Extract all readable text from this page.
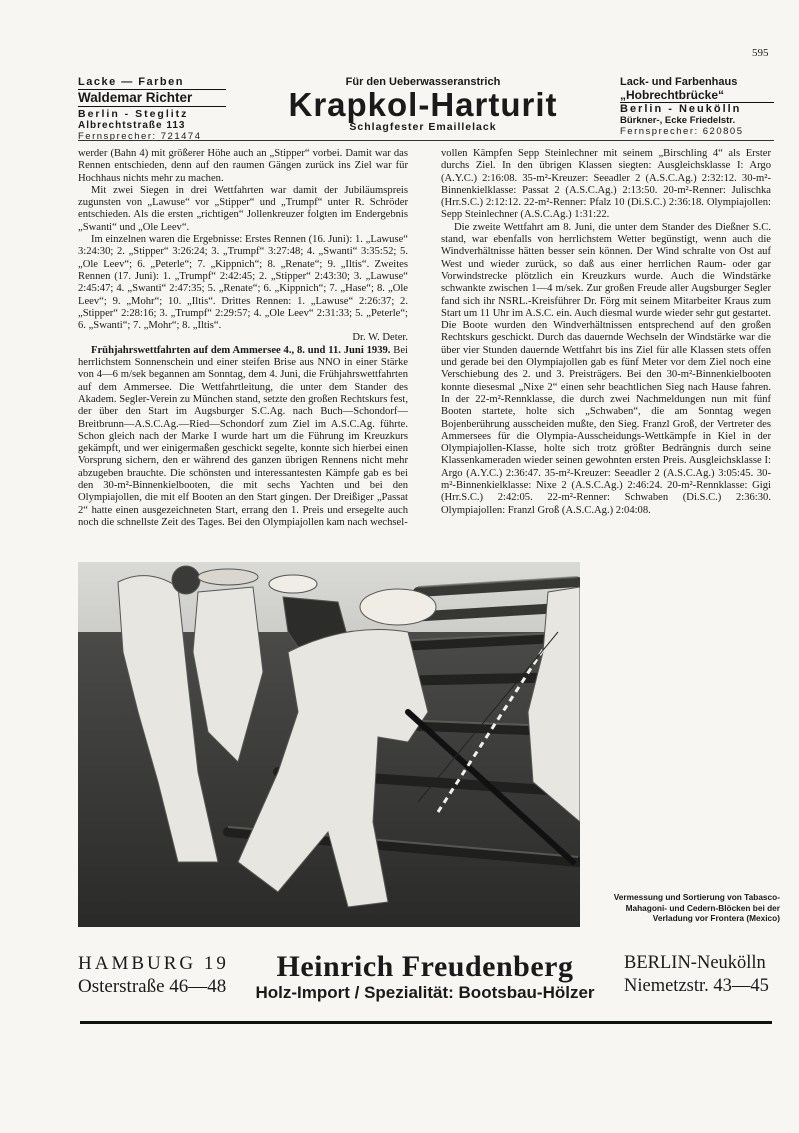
595
Lacke — Farben
Waldemar Richter
Berlin - Steglitz
Albrechtstraße 113
Fernsprecher: 721474
Für den Ueberwasseranstrich
Krapkol-Harturit
Schlagfester Emaillelack
Lack- und Farbenhaus
„Hobrechtbrücke“
Berlin - Neukölln
Bürkner-, Ecke Friedelstr.
Fernsprecher: 620805

werder (Bahn 4) mit größerer Höhe auch an „Stipper“ vorbei. Damit war das Rennen entschieden, denn auf den raumen Gängen zurück ins Ziel war für Hochhaus nichts mehr zu machen.

Mit zwei Siegen in drei Wettfahrten war damit der Jubiläumspreis zugunsten von „Lawuse“ vor „Stipper“ und „Trumpf“ unter R. Schröder entschieden. Als die ersten „richtigen“ Jollenkreuzer folgten im Endergebnis „Swanti“ und „Ole Leev“.

Im einzelnen waren die Ergebnisse: Erstes Rennen (16. Juni): 1. „Lawuse“ 3:24:30; 2. „Stipper“ 3:26:24; 3. „Trumpf“ 3:27:48; 4. „Swanti“ 3:35:52; 5. „Ole Leev“; 6. „Peterle“; 7. „Kippnich“; 8. „Renate“; 9. „Iltis“. Zweites Rennen (17. Juni): 1. „Trumpf“ 2:42:45; 2. „Stipper“ 2:43:30; 3. „Lawuse“ 2:45:47; 4. „Swanti“ 2:47:35; 5. „Renate“; 6. „Kippnich“; 7. „Hase“; 8. „Ole Leev“; 9. „Mohr“; 10. „Iltis“. Drittes Rennen: 1. „Lawuse“ 2:26:37; 2. „Stipper“ 2:28:16; 3. „Trumpf“ 2:29:57; 4. „Ole Leev“ 2:31:33; 5. „Peterle“; 6. „Swanti“; 7. „Mohr“; 8. „Iltis“.

Dr. W. Deter.

Frühjahrswettfahrten auf dem Ammersee 4., 8. und 11. Juni 1939. Bei herrlichstem Sonnenschein und einer steifen Brise aus NNO in einer Stärke von 4—6 m/sek begannen am Sonntag, dem 4. Juni, die Frühjahrswettfahrten auf dem Ammersee. Die Wettfahrtleitung, die unter dem Stander des Akadem. Segler-Verein zu München stand, setzte den großen Rechtskurs fest, der über den Start im Augsburger S.C.Ag. nach Buch—Schondorf—Breitbrunn—A.S.C.Ag.—Ried—Schondorf zum Ziel im A.S.C.Ag. führte. Schon gleich nach der Marke I wurde hart um die Führung im Kreuzkurs gekämpft, und wer einigermaßen geschickt segelte, konnte sich hierbei einen Vorsprung sichern, den er während des ganzen übrigen Rennens nicht mehr abzugeben brauchte. Die schönsten und interessantesten Kämpfe gab es bei den 30-m²-Binnenkielbooten, die mit sechs Yachten und bei den Olympiajollen, die mit elf Booten an den Start gingen. Der Dreißiger „Passat 2“ hatte einen ausgezeichneten Start, errang den 1. Preis und ersegelte auch noch die schnellste Zeit des Tages. Bei den Olympiajollen kam nach wechsel-

vollen Kämpfen Sepp Steinlechner mit seinem „Birschling 4“ als Erster durchs Ziel. In den übrigen Klassen siegten: Ausgleichsklasse I: Argo (A.Y.C.) 2:16:08. 35-m²-Kreuzer: Seeadler 2 (A.S.C.Ag.) 2:32:12. 30-m²-Binnenkielklasse: Passat 2 (A.S.C.Ag.) 2:13:50. 20-m²-Renner: Julischka (Hrr.S.C.) 2:12:12. 22-m²-Renner: Pfalz 10 (Di.S.C.) 2:36:18. Olympiajollen: Sepp Steinlechner (A.S.C.Ag.) 1:31:22.

Die zweite Wettfahrt am 8. Juni, die unter dem Stander des Dießner S.C. stand, war ebenfalls von herrlichstem Wetter begünstigt, wenn auch die Windverhältnisse hätten besser sein können. Der Wind schralte von Ost auf West und wieder zurück, so daß aus einer herrlichen Raum- oder gar Vorwindstrecke plötzlich ein Kreuzkurs wurde. Auch die Windstärke schwankte zwischen 1—4 m/sek. Zur großen Freude aller Augsburger Segler fand sich ihr NSRL.-Kreisführer Dr. Förg mit seinem Mitarbeiter Kraus zum Start um 11 Uhr im A.S.C. ein. Auch diesmal wurde wieder sehr gut gestartet. Die Boote wurden den Windverhältnissen entsprechend auf den großen Rechtskurs geschickt. Durch das dauernde Wechseln der Windstärke war die über vier Stunden dauernde Wettfahrt bis ins Ziel für alle Klassen stets offen und gerade bei den Olympiajollen gab es fünf Meter vor dem Ziel noch eine Verschiebung des 2. und 3. Preisträgers. Bei den 30-m²-Binnenkielbooten konnte diesesmal „Nixe 2“ einen sehr beachtlichen Sieg nach Hause fahren. In der 22-m²-Rennklasse, die durch zwei Nachmeldungen nun mit fünf Booten startete, holte sich „Schwaben“, die am Sonntag wegen Bojenberührung ausscheiden mußte, den Sieg. Franzl Groß, der Vertreter des Ammersees für die Olympia-Ausscheidungs-Wettkämpfe in Kiel in der Olympiajollen-Klasse, holte sich trotz größter Bedrängnis durch seine Klassenkameraden wieder seinen gewohnten ersten Preis. Ausgleichsklasse I: Argo (A.Y.C.) 2:36:47. 35-m²-Kreuzer: Seeadler 2 (A.S.C.Ag.) 3:05:45. 30-m²-Binnenkielklasse: Nixe 2 (A.S.C.Ag.) 2:46:24. 20-m²-Rennklasse: Gigi (Hrr.S.C.) 2:42:05. 22-m²-Renner: Schwaben (Di.S.C.) 2:36:30. Olympiajollen: Franzl Groß (A.S.C.Ag.) 2:04:08.

Vermessung und Sortierung von Tabasco-Mahagoni- und Cedern-Blöcken bei der Verladung vor Frontera (Mexico)
HAMBURG 19
Osterstraße 46—48
Heinrich Freudenberg
Holz-Import / Spezialität: Bootsbau-Hölzer
BERLIN-Neukölln
Niemetzstr. 43—45
